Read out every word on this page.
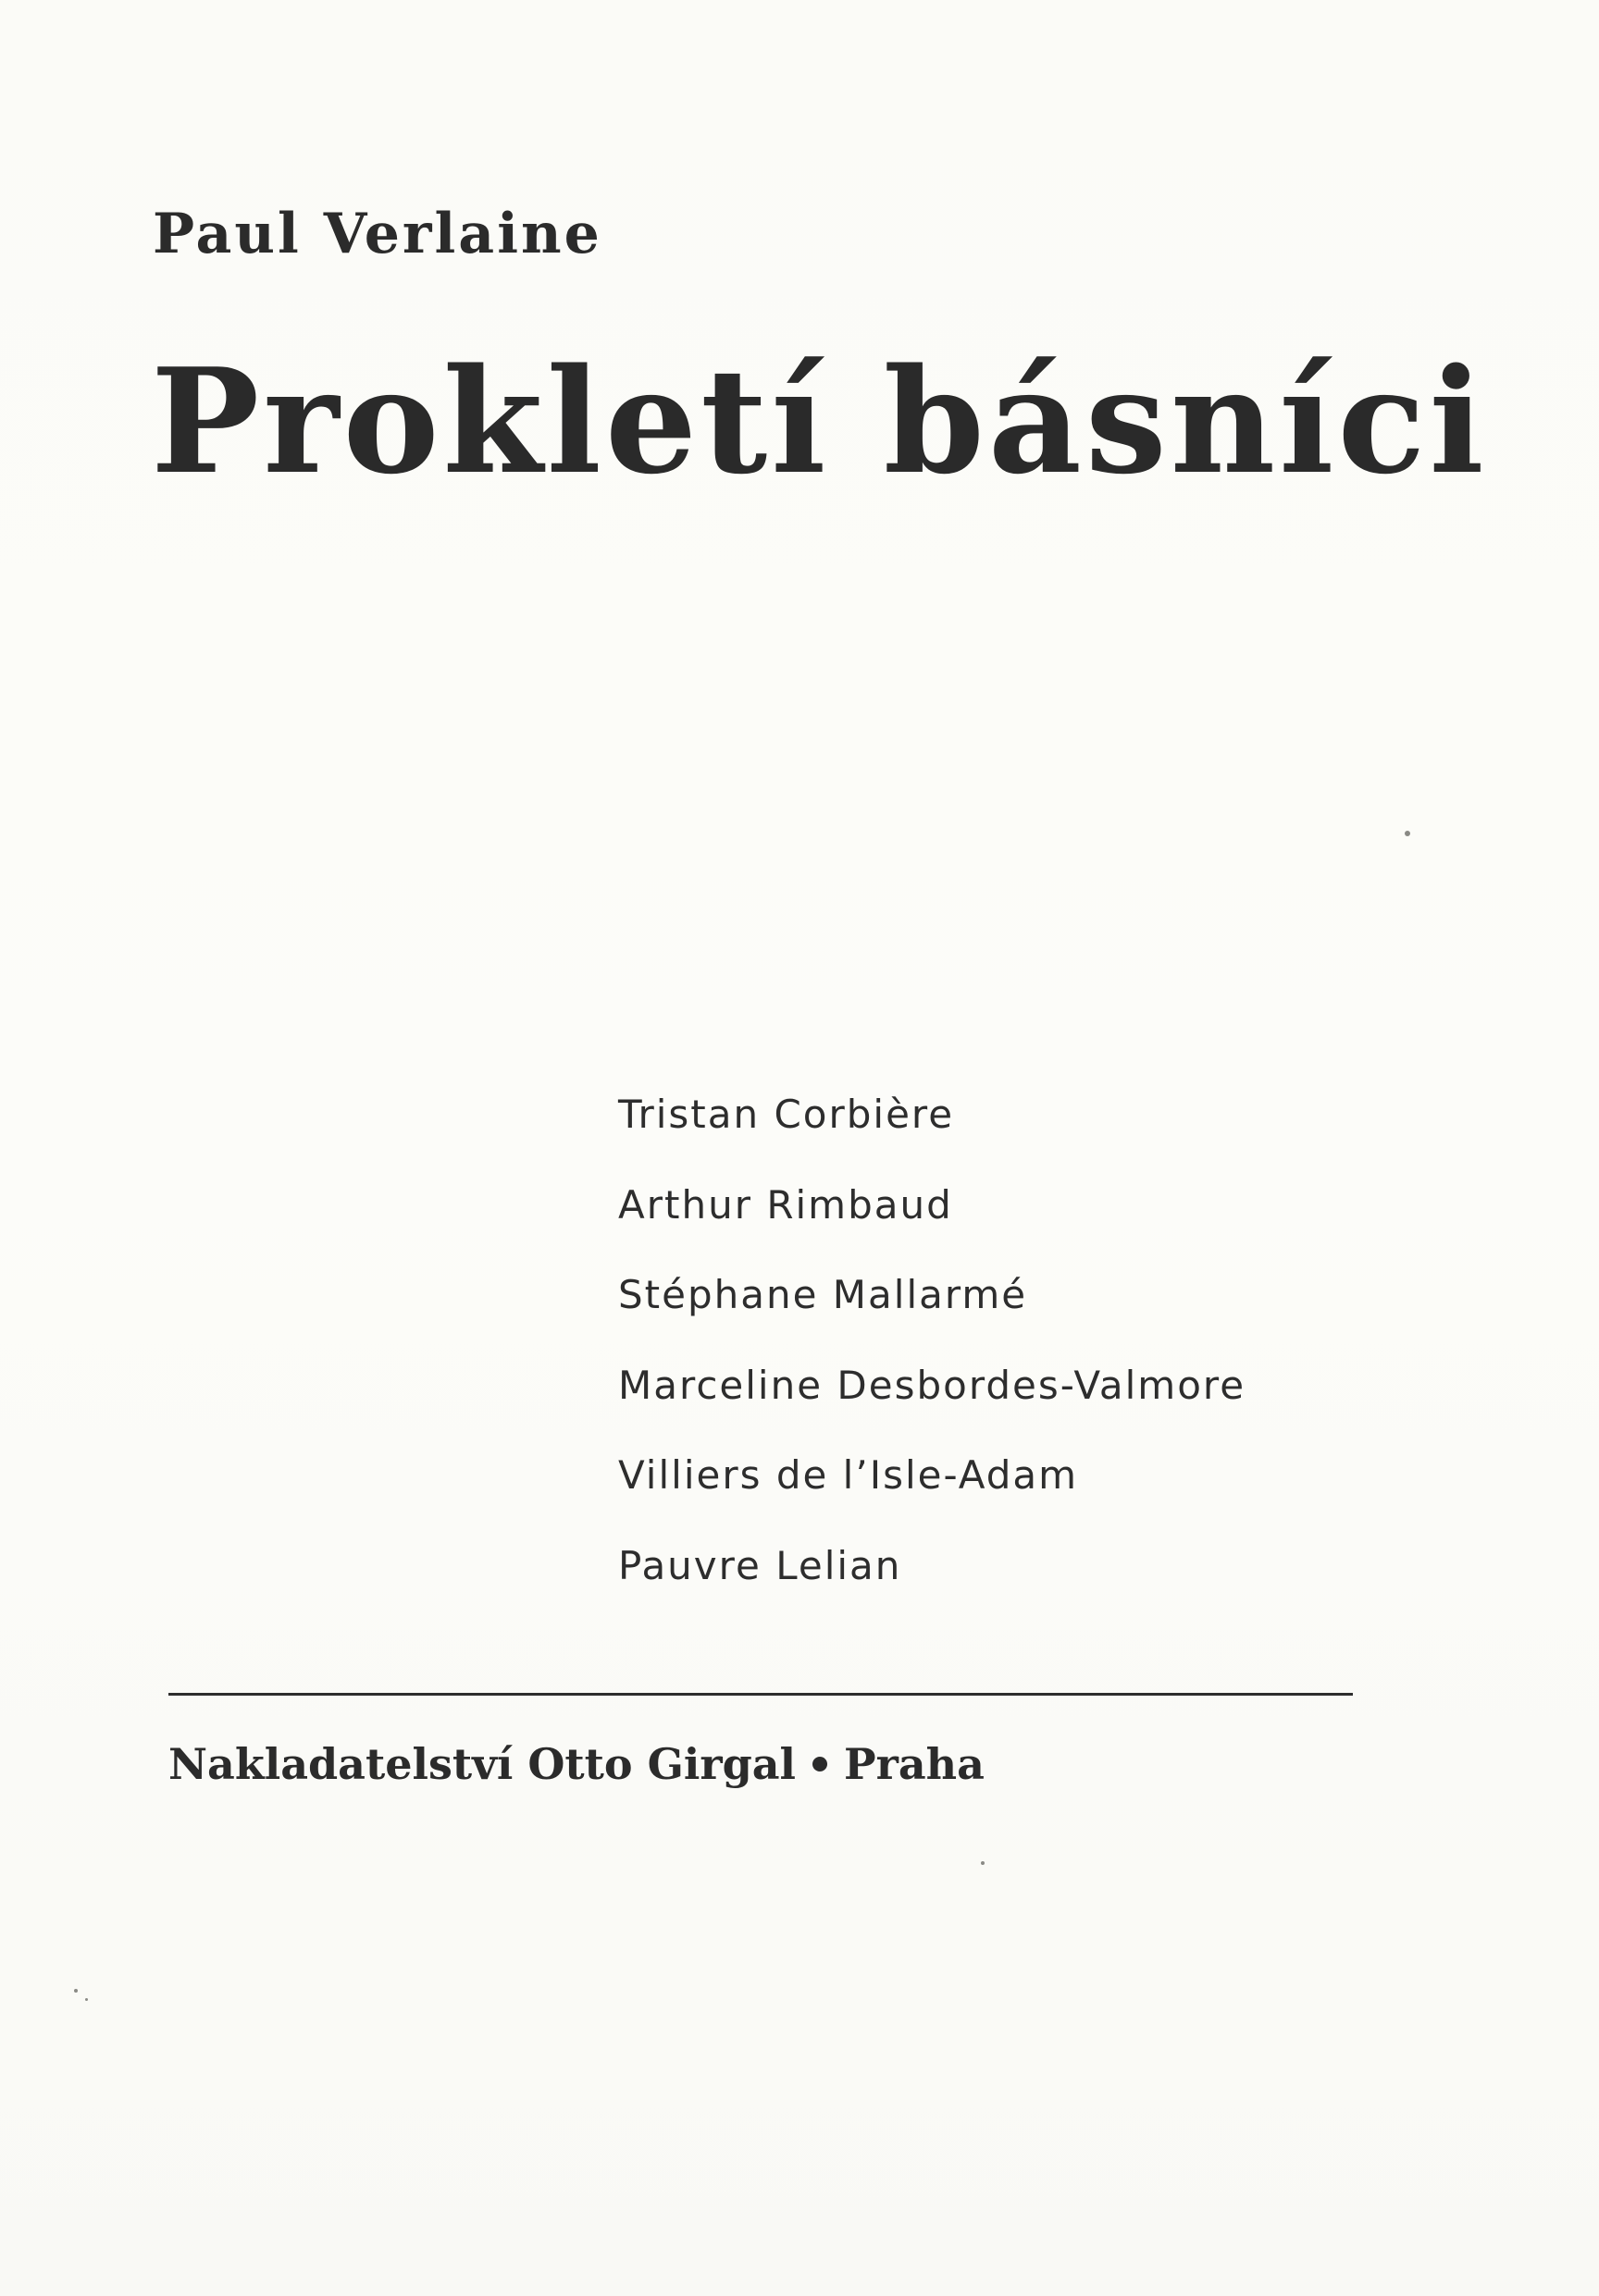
Paul Verlaine
Prokletí básníci
Tristan Corbière
Arthur Rimbaud
Stéphane Mallarmé
Marceline Desbordes-Valmore
Villiers de l’Isle-Adam
Pauvre Lelian
Nakladatelství Otto Girgal Praha
